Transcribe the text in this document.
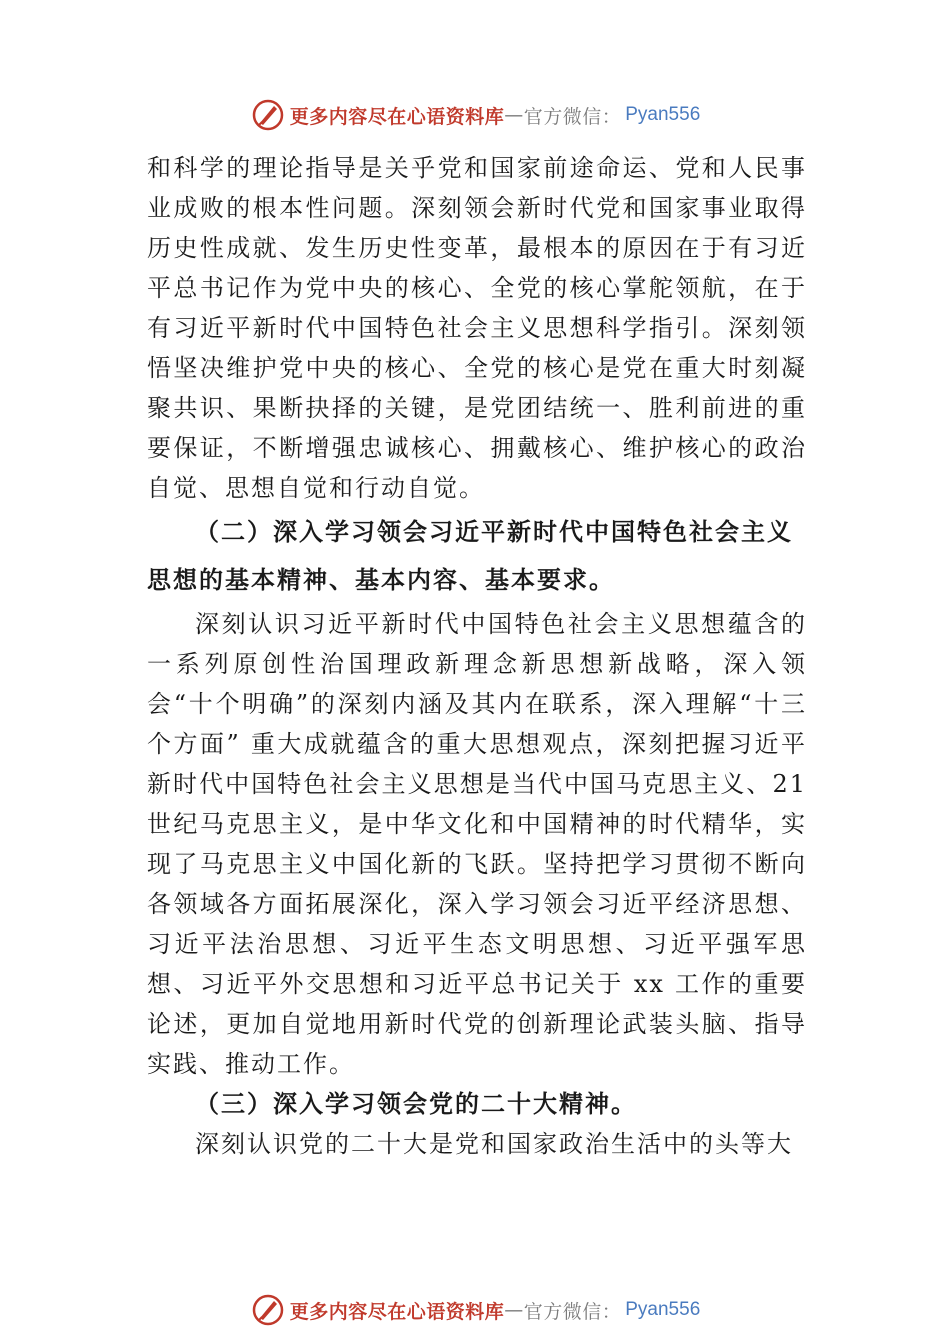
更多内容尽在心语资料库 — 官方微信： Pyan556

和科学的理论指导是关乎党和国家前途命运、党和人民事业成败的根本性问题。深刻领会新时代党和国家事业取得历史性成就、发生历史性变革，最根本的原因在于有习近平总书记作为党中央的核心、全党的核心掌舵领航，在于有习近平新时代中国特色社会主义思想科学指引。深刻领悟坚决维护党中央的核心、全党的核心是党在重大时刻凝聚共识、果断抉择的关键，是党团结统一、胜利前进的重要保证，不断增强忠诚核心、拥戴核心、维护核心的政治自觉、思想自觉和行动自觉。

（二）深入学习领会习近平新时代中国特色社会主义思想的基本精神、基本内容、基本要求。

深刻认识习近平新时代中国特色社会主义思想蕴含的一系列原创性治国理政新理念新思想新战略，深入领会“十个明确”的深刻内涵及其内在联系，深入理解“十三个方面” 重大成就蕴含的重大思想观点，深刻把握习近平新时代中国特色社会主义思想是当代中国马克思主义、21世纪马克思主义，是中华文化和中国精神的时代精华，实现了马克思主义中国化新的飞跃。坚持把学习贯彻不断向各领域各方面拓展深化，深入学习领会习近平经济思想、习近平法治思想、习近平生态文明思想、习近平强军思想、习近平外交思想和习近平总书记关于 xx 工作的重要论述，更加自觉地用新时代党的创新理论武装头脑、指导实践、推动工作。

（三）深入学习领会党的二十大精神。

深刻认识党的二十大是党和国家政治生活中的头等大

更多内容尽在心语资料库 — 官方微信： Pyan556
